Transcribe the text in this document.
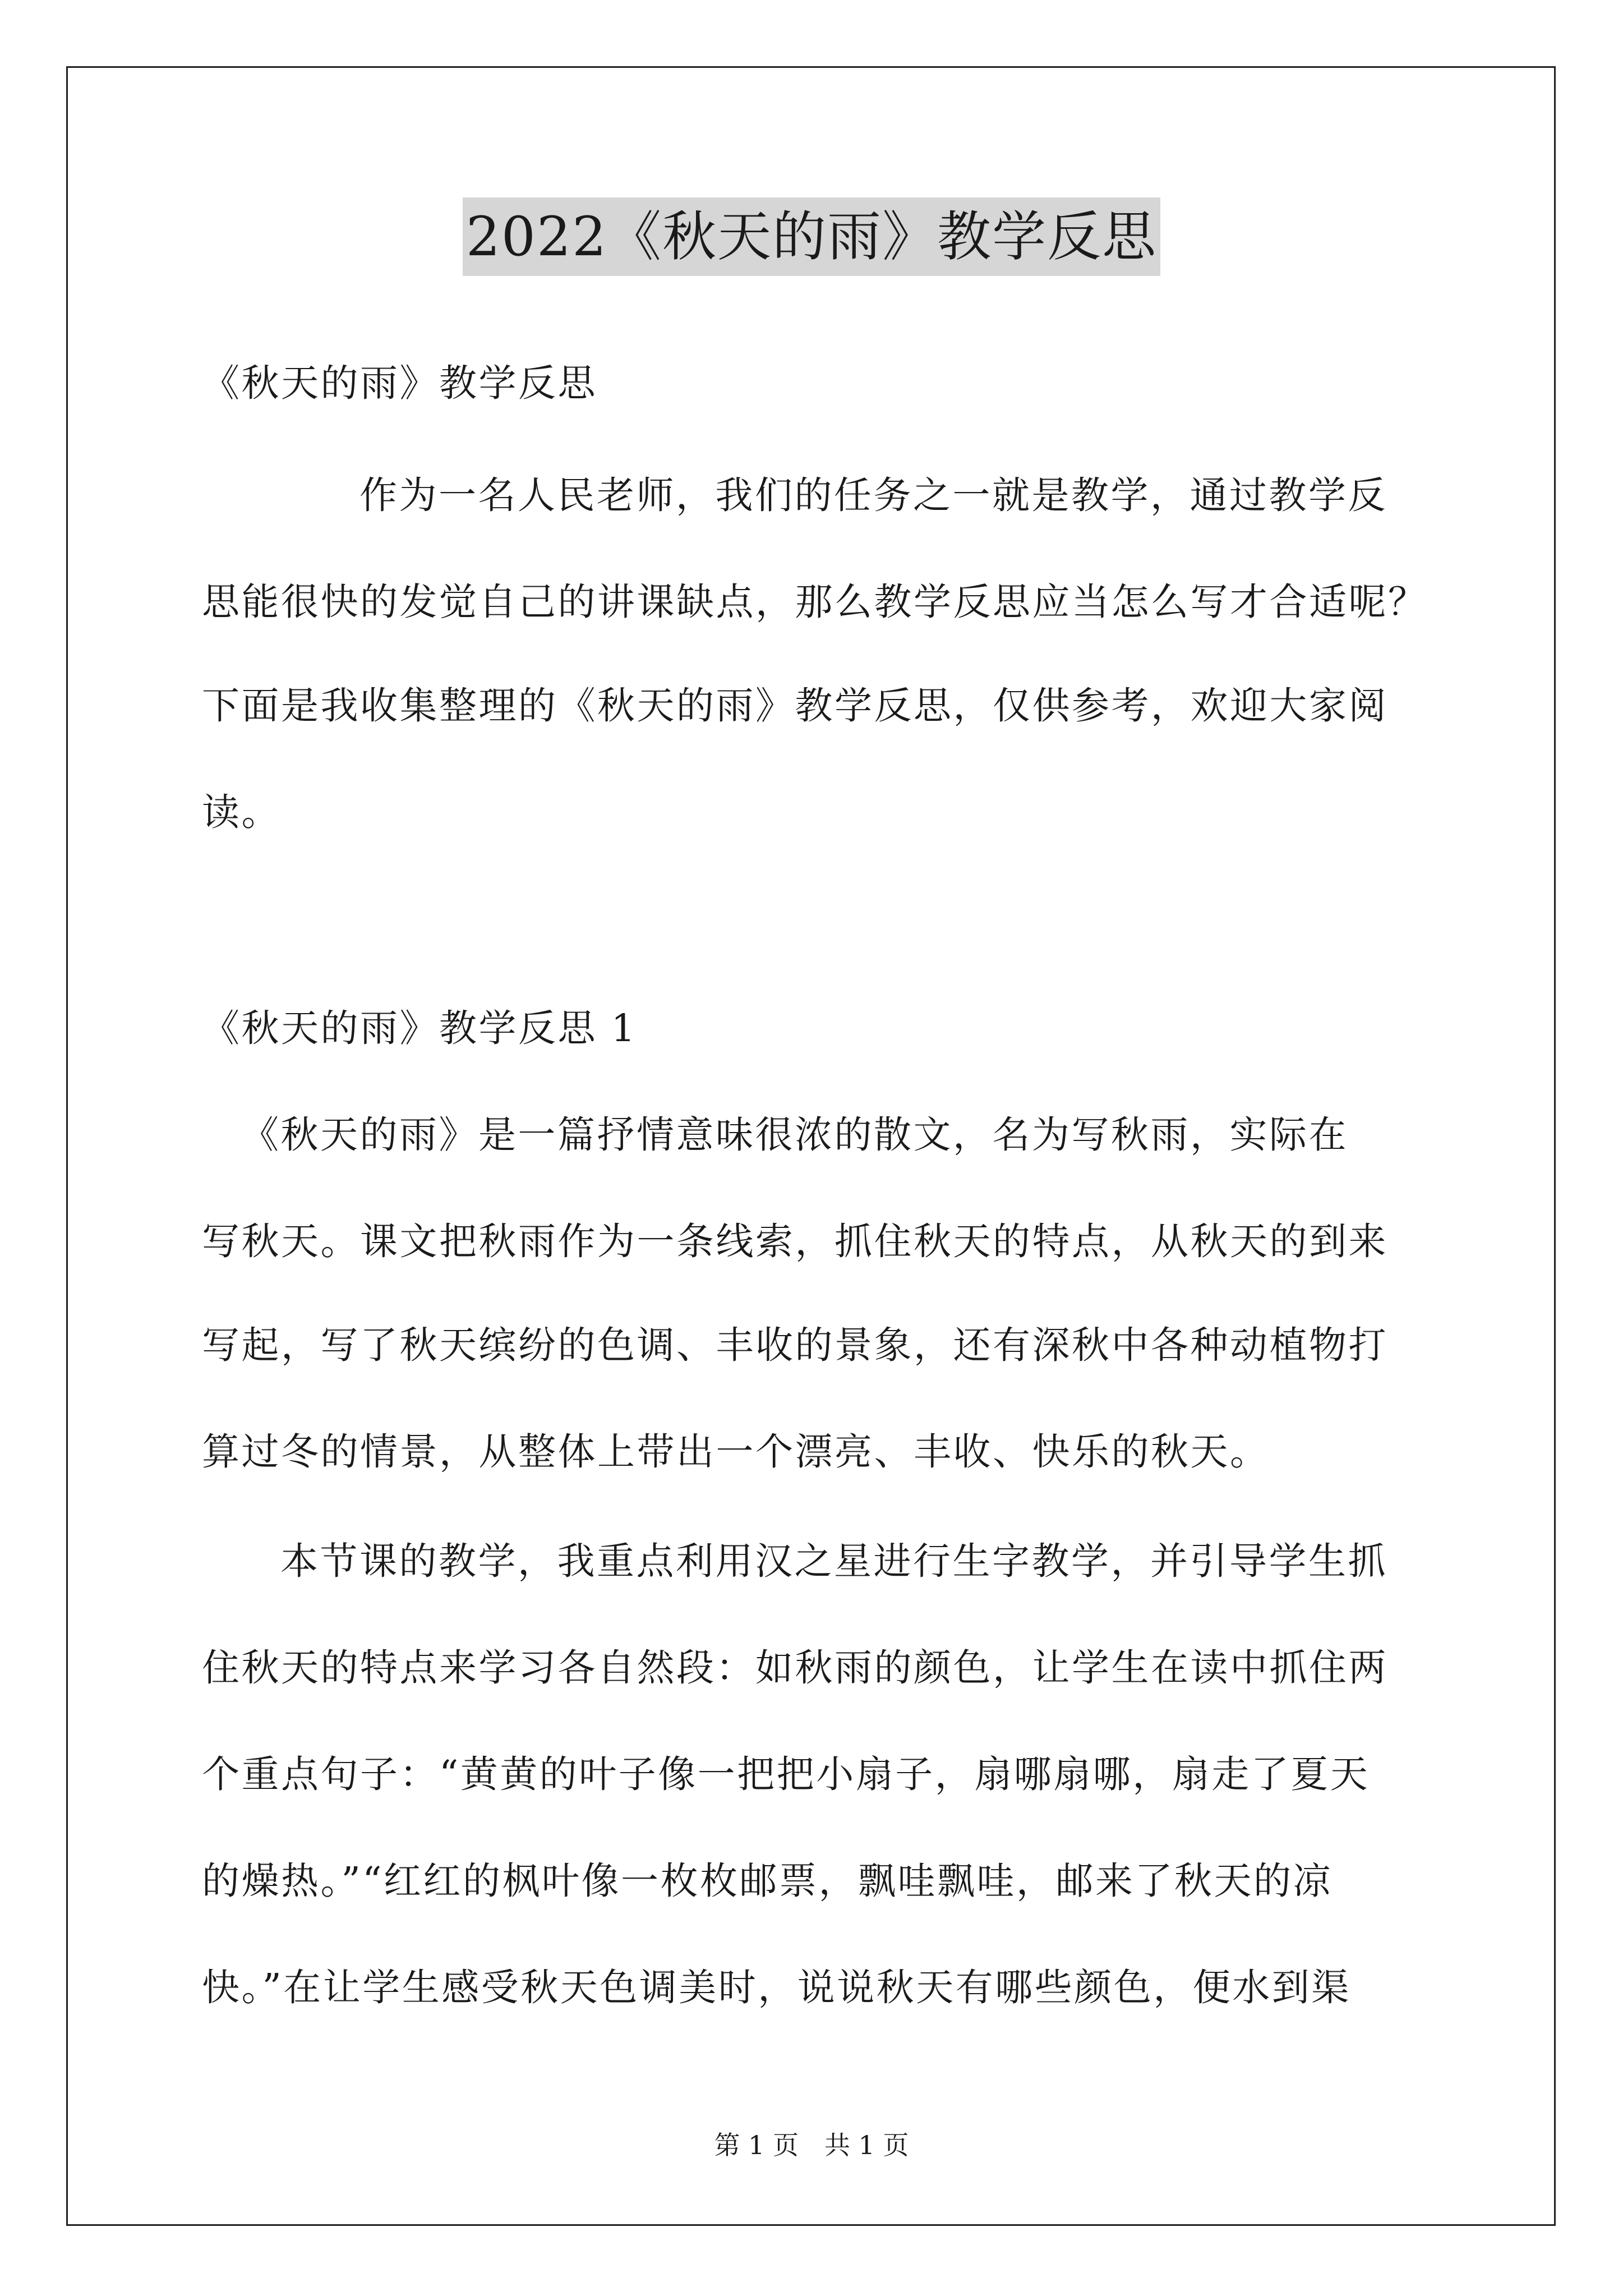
2022《秋天的雨》教学反思
《秋天的雨》教学反思
　　作为一名人民老师，我们的任务之一就是教学，通过教学反
思能很快的发觉自己的讲课缺点，那么教学反思应当怎么写才合适呢？
下面是我收集整理的《秋天的雨》教学反思，仅供参考，欢迎大家阅
读。
《秋天的雨》教学反思 1
《秋天的雨》是一篇抒情意味很浓的散文，名为写秋雨，实际在
写秋天。课文把秋雨作为一条线索，抓住秋天的特点，从秋天的到来
写起，写了秋天缤纷的色调、丰收的景象，还有深秋中各种动植物打
算过冬的情景，从整体上带出一个漂亮、丰收、快乐的秋天。
本节课的教学，我重点利用汉之星进行生字教学，并引导学生抓
住秋天的特点来学习各自然段：如秋雨的颜色，让学生在读中抓住两
个重点句子：“黄黄的叶子像一把把小扇子，扇哪扇哪，扇走了夏天
的燥热。”“红红的枫叶像一枚枚邮票，飘哇飘哇，邮来了秋天的凉
快。”在让学生感受秋天色调美时，说说秋天有哪些颜色，便水到渠
第 1 页　共 1 页
